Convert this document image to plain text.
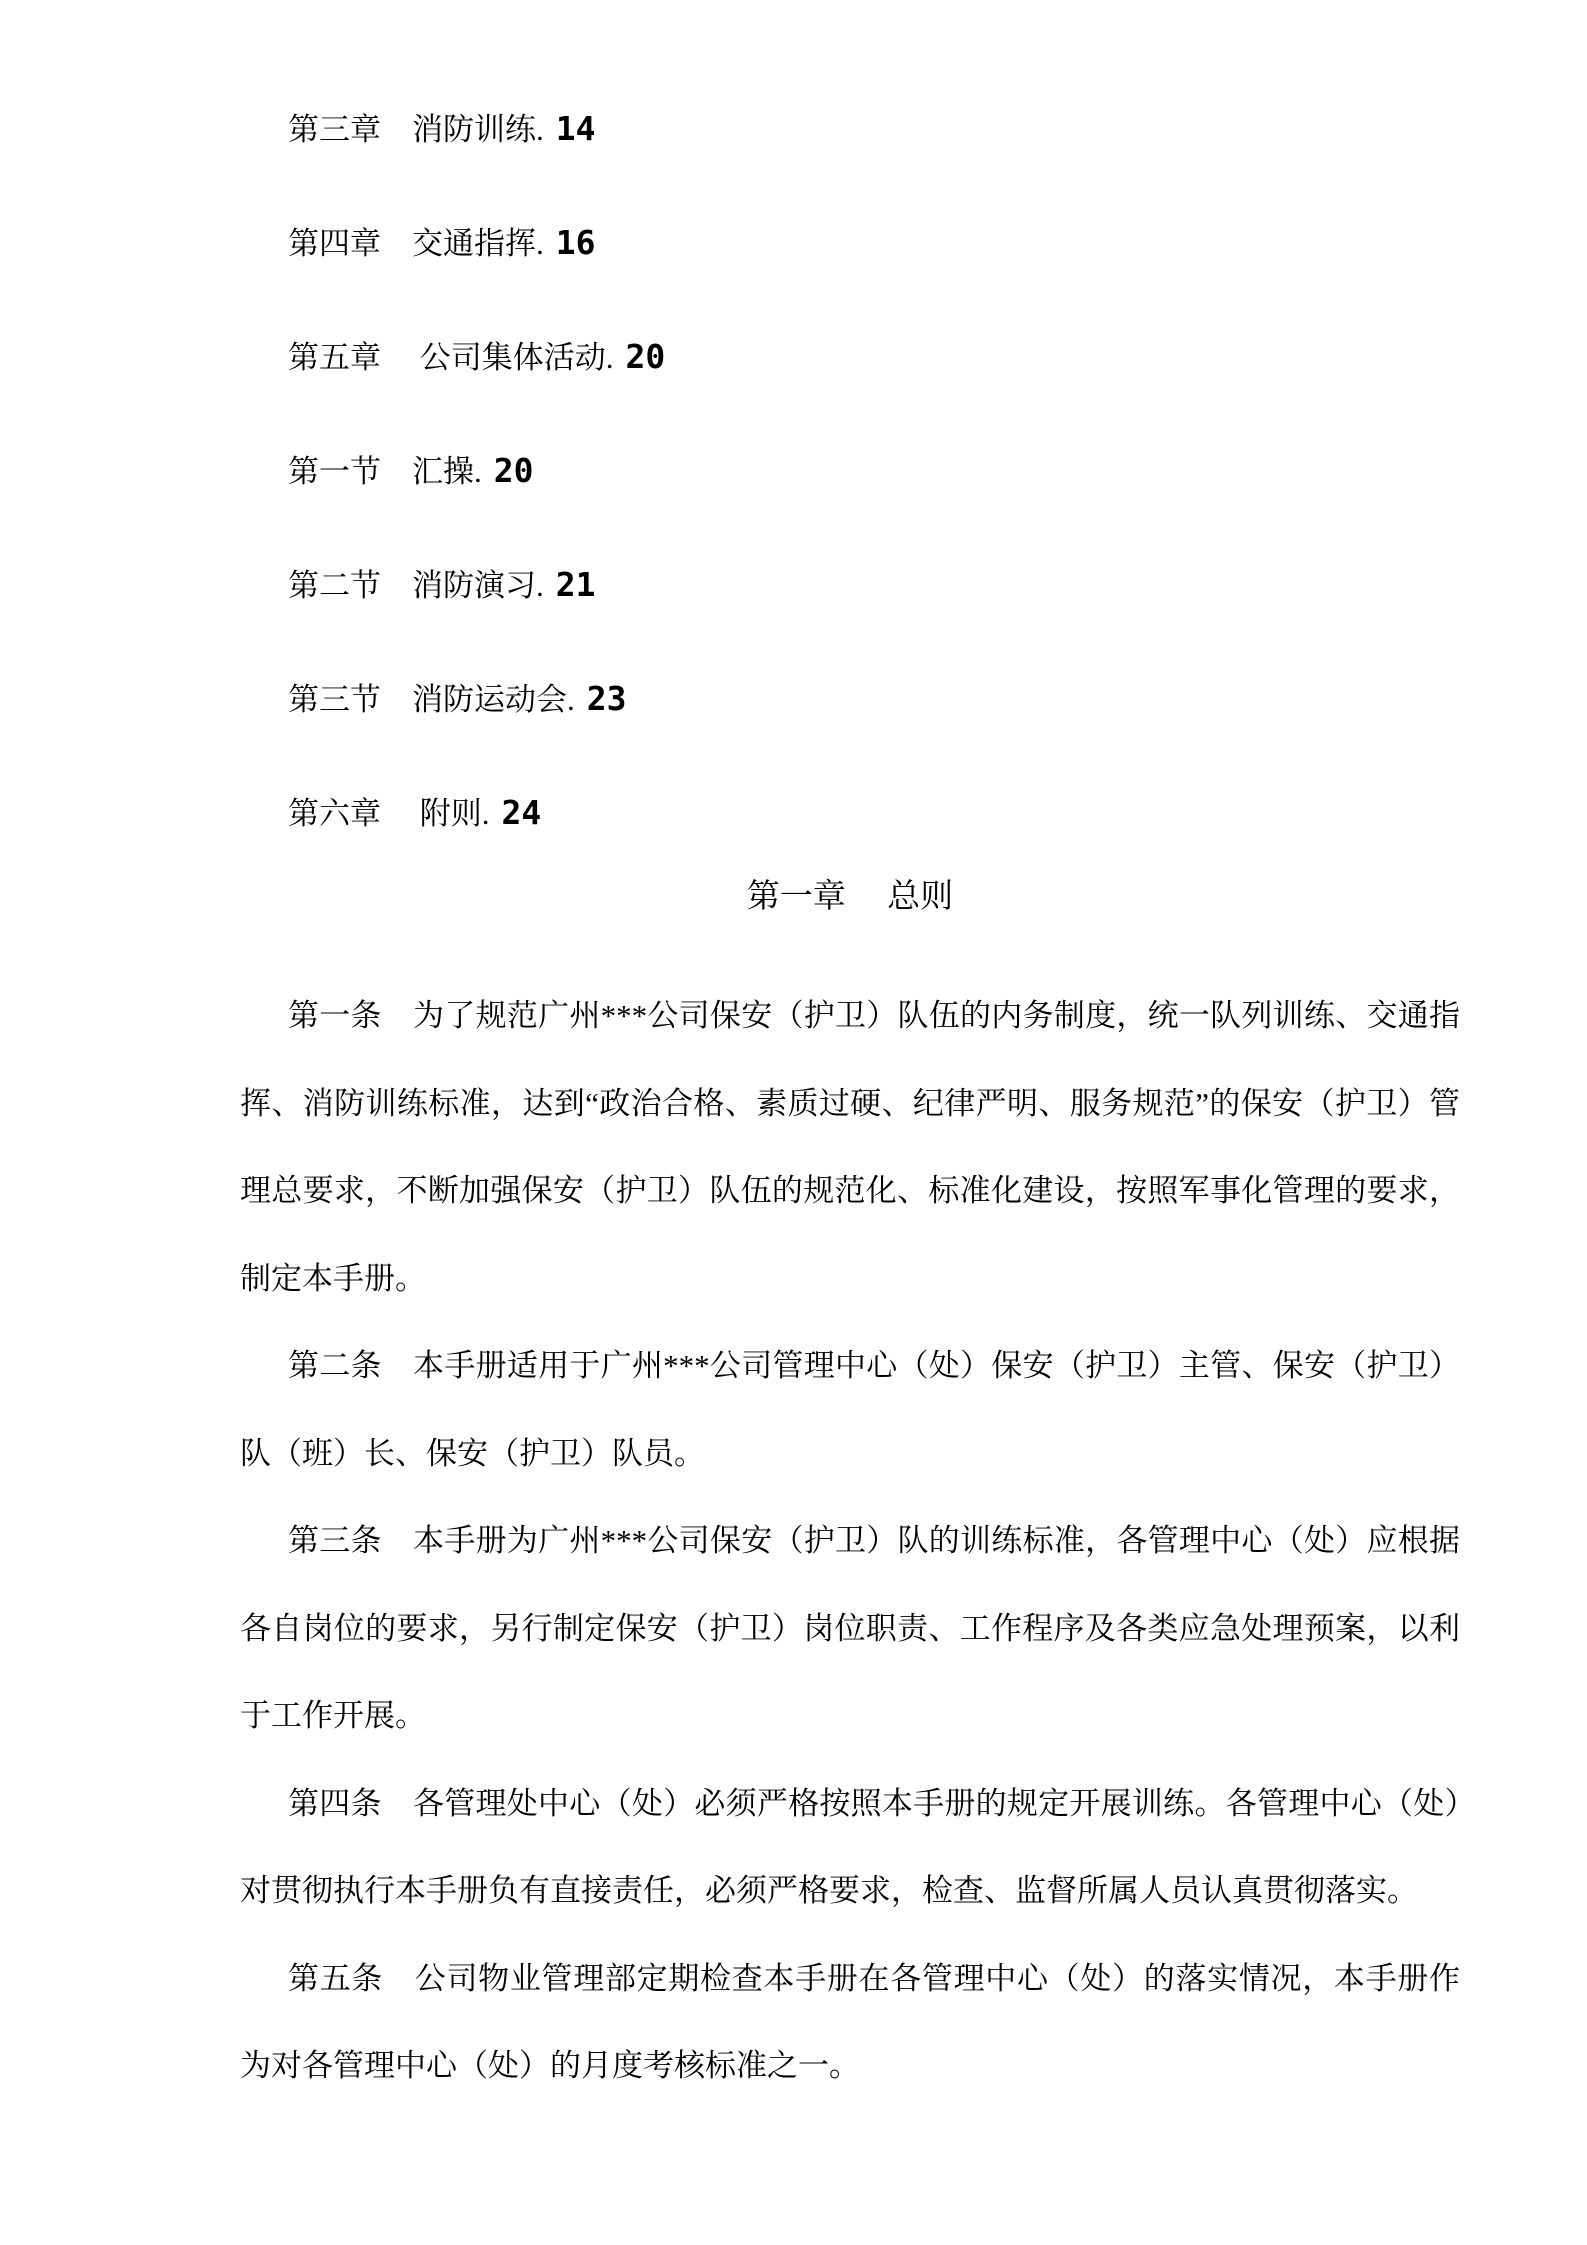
第三章　消防训练. 14

第四章　交通指挥. 16

第五章　 公司集体活动. 20

第一节　汇操. 20

第二节　消防演习. 21

第三节　消防运动会. 23

第六章　 附则. 24

第一章　 总则

第一条　为了规范广州***公司保安（护卫）队伍的内务制度，统一队列训练、交通指挥、消防训练标准，达到“政治合格、素质过硬、纪律严明、服务规范”的保安（护卫）管理总要求，不断加强保安（护卫）队伍的规范化、标准化建设，按照军事化管理的要求，制定本手册。

第二条　本手册适用于广州***公司管理中心（处）保安（护卫）主管、保安（护卫）队（班）长、保安（护卫）队员。

第三条　本手册为广州***公司保安（护卫）队的训练标准，各管理中心（处）应根据各自岗位的要求，另行制定保安（护卫）岗位职责、工作程序及各类应急处理预案，以利于工作开展。

第四条　各管理处中心（处）必须严格按照本手册的规定开展训练。各管理中心（处）对贯彻执行本手册负有直接责任，必须严格要求，检查、监督所属人员认真贯彻落实。

第五条　公司物业管理部定期检查本手册在各管理中心（处）的落实情况，本手册作为对各管理中心（处）的月度考核标准之一。
